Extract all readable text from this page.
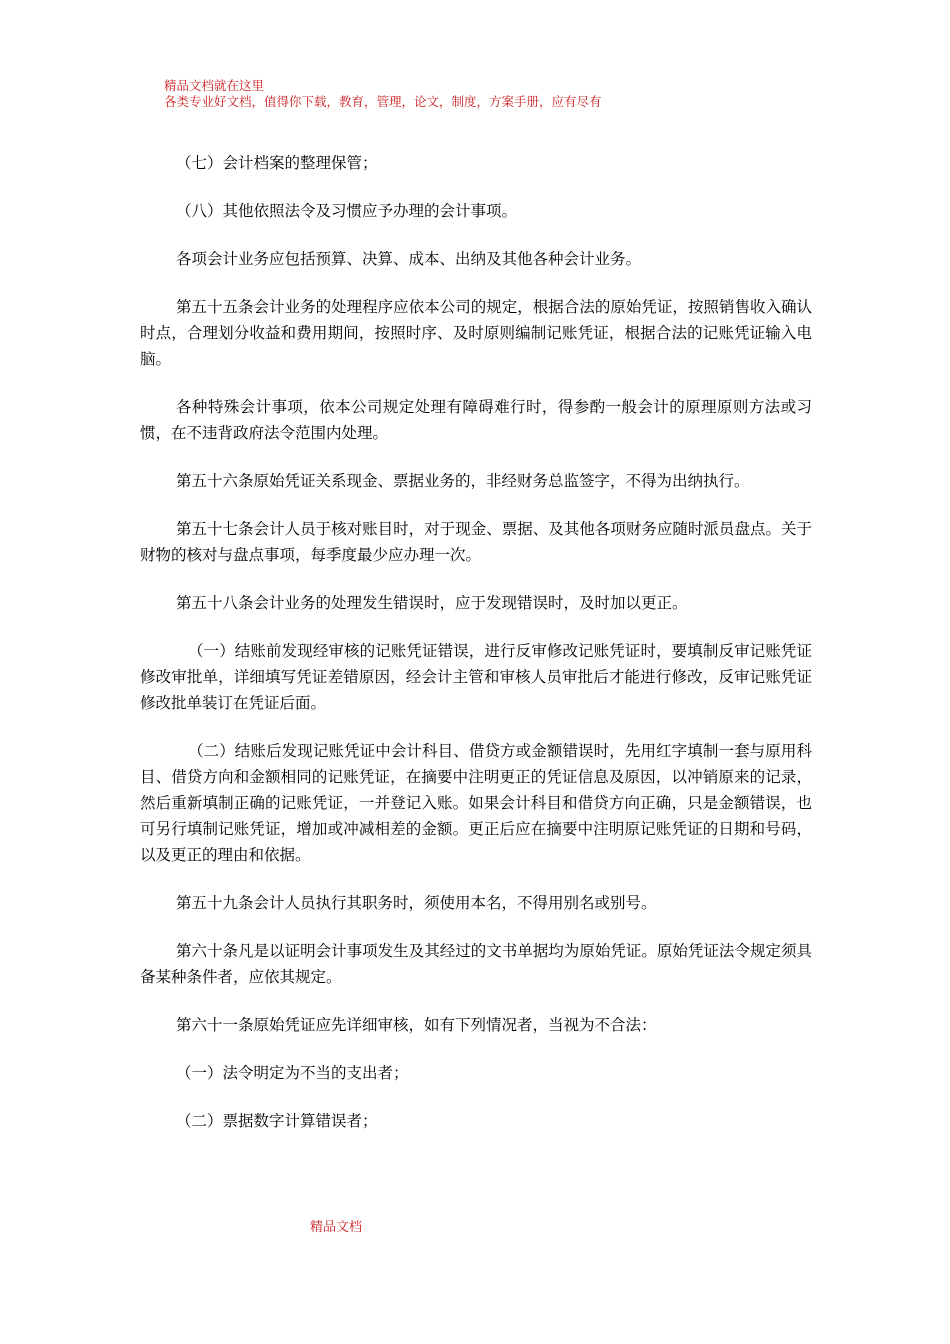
精品文档就在这里
各类专业好文档，值得你下载，教育，管理，论文，制度，方案手册，应有尽有

（七）会计档案的整理保管；

（八）其他依照法令及习惯应予办理的会计事项。

各项会计业务应包括预算、决算、成本、出纳及其他各种会计业务。

第五十五条会计业务的处理程序应依本公司的规定，根据合法的原始凭证，按照销售收入确认时点，合理划分收益和费用期间，按照时序、及时原则编制记账凭证，根据合法的记账凭证输入电脑。

各种特殊会计事项，依本公司规定处理有障碍难行时，得参酌一般会计的原理原则方法或习惯，在不违背政府法令范围内处理。

第五十六条原始凭证关系现金、票据业务的，非经财务总监签字，不得为出纳执行。

第五十七条会计人员于核对账目时，对于现金、票据、及其他各项财务应随时派员盘点。关于财物的核对与盘点事项，每季度最少应办理一次。

第五十八条会计业务的处理发生错误时，应于发现错误时，及时加以更正。

（一）结账前发现经审核的记账凭证错误，进行反审修改记账凭证时，要填制反审记账凭证修改审批单，详细填写凭证差错原因，经会计主管和审核人员审批后才能进行修改，反审记账凭证修改批单装订在凭证后面。

（二）结账后发现记账凭证中会计科目、借贷方或金额错误时，先用红字填制一套与原用科目、借贷方向和金额相同的记账凭证，在摘要中注明更正的凭证信息及原因，以冲销原来的记录，然后重新填制正确的记账凭证，一并登记入账。如果会计科目和借贷方向正确，只是金额错误，也可另行填制记账凭证，增加或冲减相差的金额。更正后应在摘要中注明原记账凭证的日期和号码，以及更正的理由和依据。

第五十九条会计人员执行其职务时，须使用本名，不得用别名或别号。

第六十条凡是以证明会计事项发生及其经过的文书单据均为原始凭证。原始凭证法令规定须具备某种条件者，应依其规定。

第六十一条原始凭证应先详细审核，如有下列情况者，当视为不合法：

（一）法令明定为不当的支出者；

（二）票据数字计算错误者；

精品文档
